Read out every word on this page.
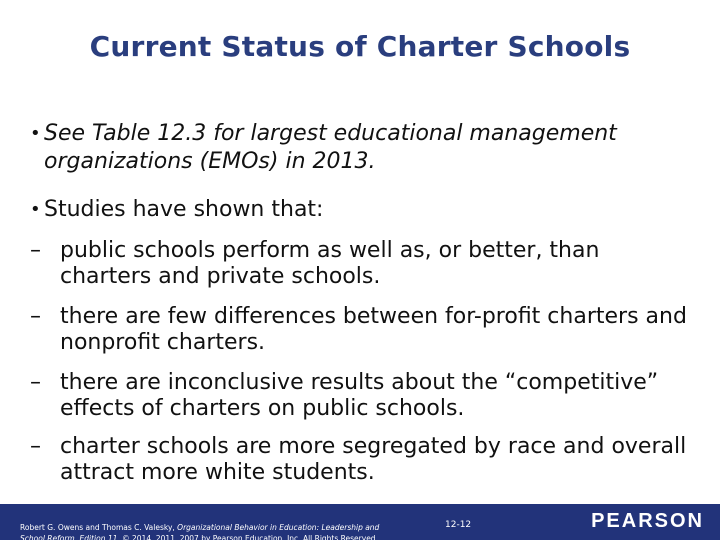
Current Status of Charter Schools
• See Table 12.3 for largest educational management organizations (EMOs) in 2013.
• Studies have shown that:
– public schools perform as well as, or better, than charters and private schools.
– there are few differences between for-profit charters and nonprofit charters.
– there are inconclusive results about the “competitive” effects of charters on public schools.
– charter schools are more segregated by race and overall attract more white students.
Robert G. Owens and Thomas C. Valesky, Organizational Behavior in Education: Leadership and
School Reform, Edition 11, © 2014, 2011, 2007 by Pearson Education, Inc. All Rights Reserved
12-12	PEARSON
